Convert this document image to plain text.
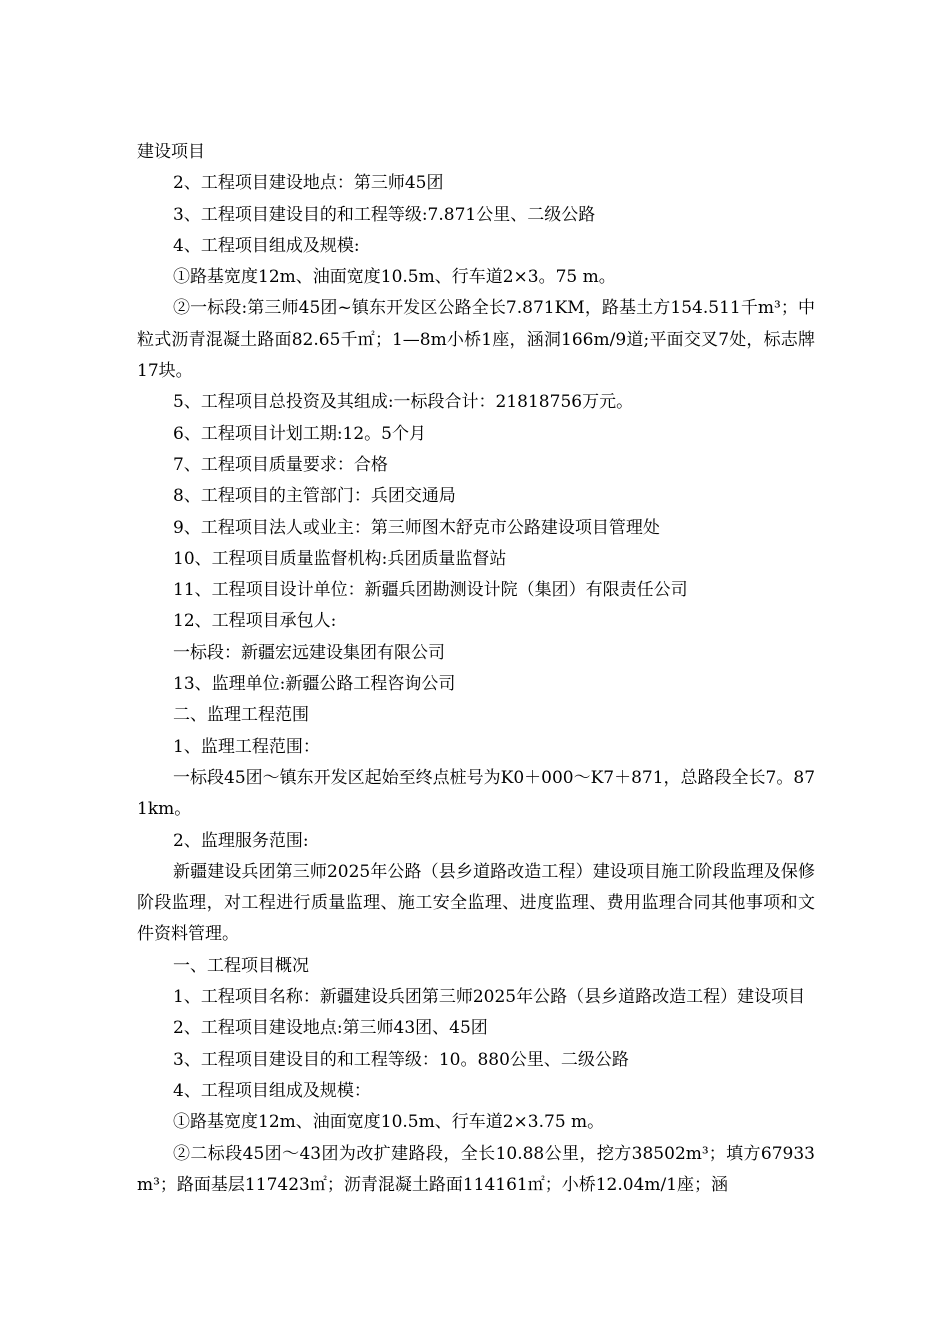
建设项目

2、工程项目建设地点：第三师45团

3、工程项目建设目的和工程等级:7.871公里、二级公路

4、工程项目组成及规模:

①路基宽度12m、油面宽度10.5m、行车道2×3。75 m。

②一标段:第三师45团~镇东开发区公路全长7.871KM，路基土方154.511千m³；中粒式沥青混凝土路面82.65千㎡；1—8m小桥1座，涵洞166m/9道;平面交叉7处，标志牌17块。

5、工程项目总投资及其组成:一标段合计：21818756万元。

6、工程项目计划工期:12。5个月

7、工程项目质量要求：合格

8、工程项目的主管部门：兵团交通局

9、工程项目法人或业主：第三师图木舒克市公路建设项目管理处

10、工程项目质量监督机构:兵团质量监督站

11、工程项目设计单位：新疆兵团勘测设计院（集团）有限责任公司

12、工程项目承包人:

一标段：新疆宏远建设集团有限公司

13、监理单位:新疆公路工程咨询公司

二、监理工程范围

1、监理工程范围：

一标段45团～镇东开发区起始至终点桩号为K0＋000～K7＋871，总路段全长7。871km。

2、监理服务范围:

新疆建设兵团第三师2025年公路（县乡道路改造工程）建设项目施工阶段监理及保修阶段监理，对工程进行质量监理、施工安全监理、进度监理、费用监理合同其他事项和文件资料管理。

一、工程项目概况

1、工程项目名称：新疆建设兵团第三师2025年公路（县乡道路改造工程）建设项目

2、工程项目建设地点:第三师43团、45团

3、工程项目建设目的和工程等级：10。880公里、二级公路

4、工程项目组成及规模：

①路基宽度12m、油面宽度10.5m、行车道2×3.75 m。

②二标段45团～43团为改扩建路段，全长10.88公里，挖方38502m³；填方67933m³；路面基层117423㎡；沥青混凝土路面114161㎡；小桥12.04m/1座；涵
